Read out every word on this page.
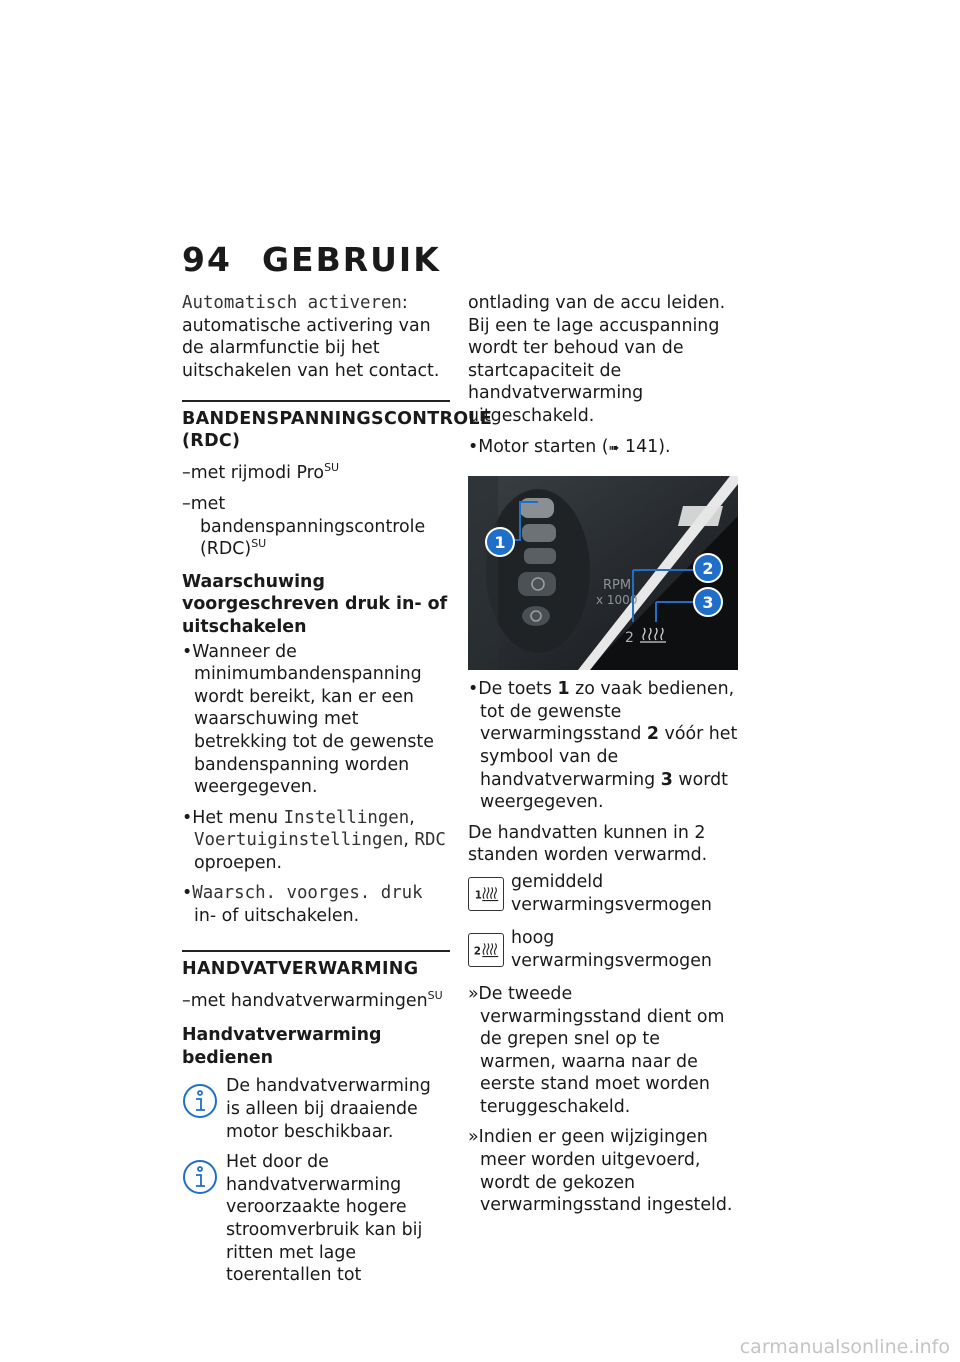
94 GEBRUIK

Automatisch activeren: automatische activering van de alarmfunctie bij het uitschakelen van het contact.

BANDENSPANNINGSCONTROLE (RDC)

–met rijmodi Pro$^{SU}$

–met bandenspanningscontrole (RDC)$^{SU}$

Waarschuwing voorgeschreven druk in- of uitschakelen

•Wanneer de minimumbandenspanning wordt bereikt, kan er een waarschuwing met betrekking tot de gewenste bandenspanning worden weergegeven.

•Het menu Instellingen, Voertuiginstellingen, RDC oproepen.

•Waarsch. voorges. druk in- of uitschakelen.

HANDVATVERWARMING

–met handvatverwarmingen$^{SU}$

Handvatverwarming bedienen
De handvatverwarming is alleen bij draaiende motor beschikbaar.
Het door de handvatverwarming veroorzaakte hogere stroomverbruik kan bij ritten met lage toerentallen tot

ontlading van de accu leiden. Bij een te lage accuspanning wordt ter behoud van de startcapaciteit de handvatverwarming uitgeschakeld.

•Motor starten (➠ 141).

RPM
x 1000
2
1
2
3

•De toets 1 zo vaak bedienen, tot de gewenste verwarmingsstand 2 vóór het symbool van de handvatverwarming 3 wordt weergegeven.

De handvatten kunnen in 2 standen worden verwarmd.

1
gemiddeld verwarmingsvermogen
2
hoog verwarmingsvermogen

»De tweede verwarmingsstand dient om de grepen snel op te warmen, waarna naar de eerste stand moet worden teruggeschakeld.

»Indien er geen wijzigingen meer worden uitgevoerd, wordt de gekozen verwarmingsstand ingesteld.

carmanualsonline.info
